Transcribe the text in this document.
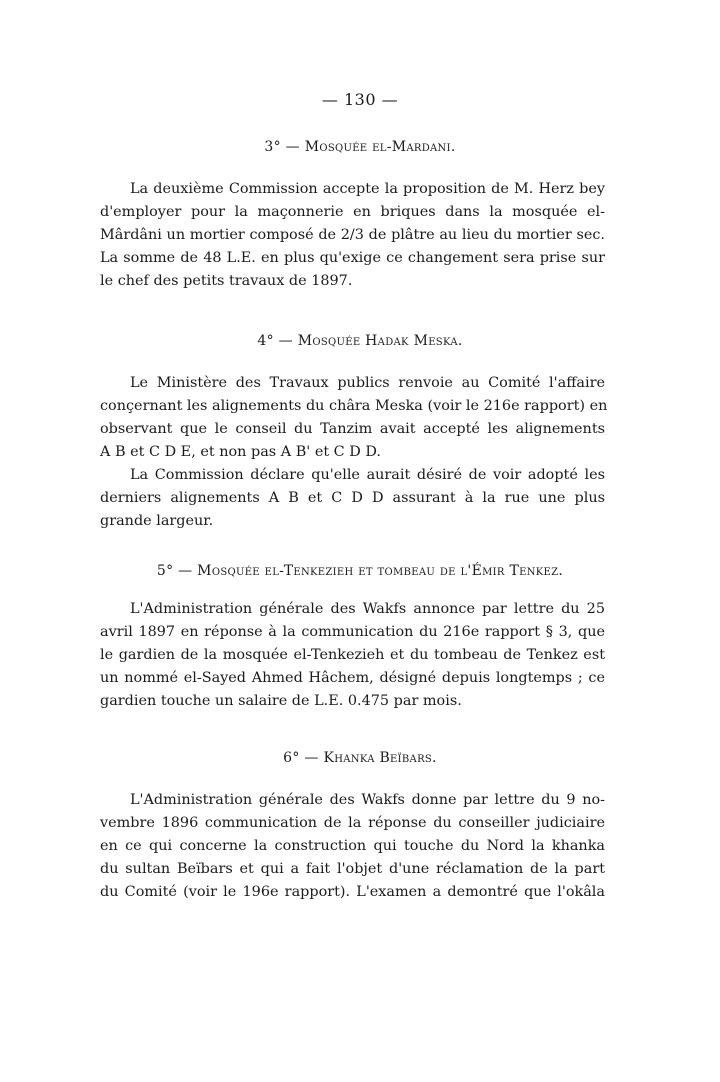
— 130 —
3° — Mosquée el-Mardani.
La deuxième Commission accepte la proposition de M. Herz bey
d'employer pour la maçonnerie en briques dans la mosquée el-
Mârdâni un mortier composé de 2/3 de plâtre au lieu du mortier sec.
La somme de 48 L.E. en plus qu'exige ce changement sera prise sur
le chef des petits travaux de 1897.
4° — Mosquée Hadak Meska.
Le Ministère des Travaux publics renvoie au Comité l'affaire
conçernant les alignements du châra Meska (voir le 216e rapport) en
observant que le conseil du Tanzim avait accepté les alignements
A B et C D E, et non pas A B' et C D D.
La Commission déclare qu'elle aurait désiré de voir adopté les
derniers alignements A B et C D D assurant à la rue une plus
grande largeur.
5° — Mosquée el-Tenkezieh et tombeau de l'Émir Tenkez.
L'Administration générale des Wakfs annonce par lettre du 25
avril 1897 en réponse à la communication du 216e rapport § 3, que
le gardien de la mosquée el-Tenkezieh et du tombeau de Tenkez est
un nommé el-Sayed Ahmed Hâchem, désigné depuis longtemps ; ce
gardien touche un salaire de L.E. 0.475 par mois.
6° — Khanka Beïbars.
L'Administration générale des Wakfs donne par lettre du 9 no-
vembre 1896 communication de la réponse du conseiller judiciaire
en ce qui concerne la construction qui touche du Nord la khanka
du sultan Beïbars et qui a fait l'objet d'une réclamation de la part
du Comité (voir le 196e rapport). L'examen a demontré que l'okâla
